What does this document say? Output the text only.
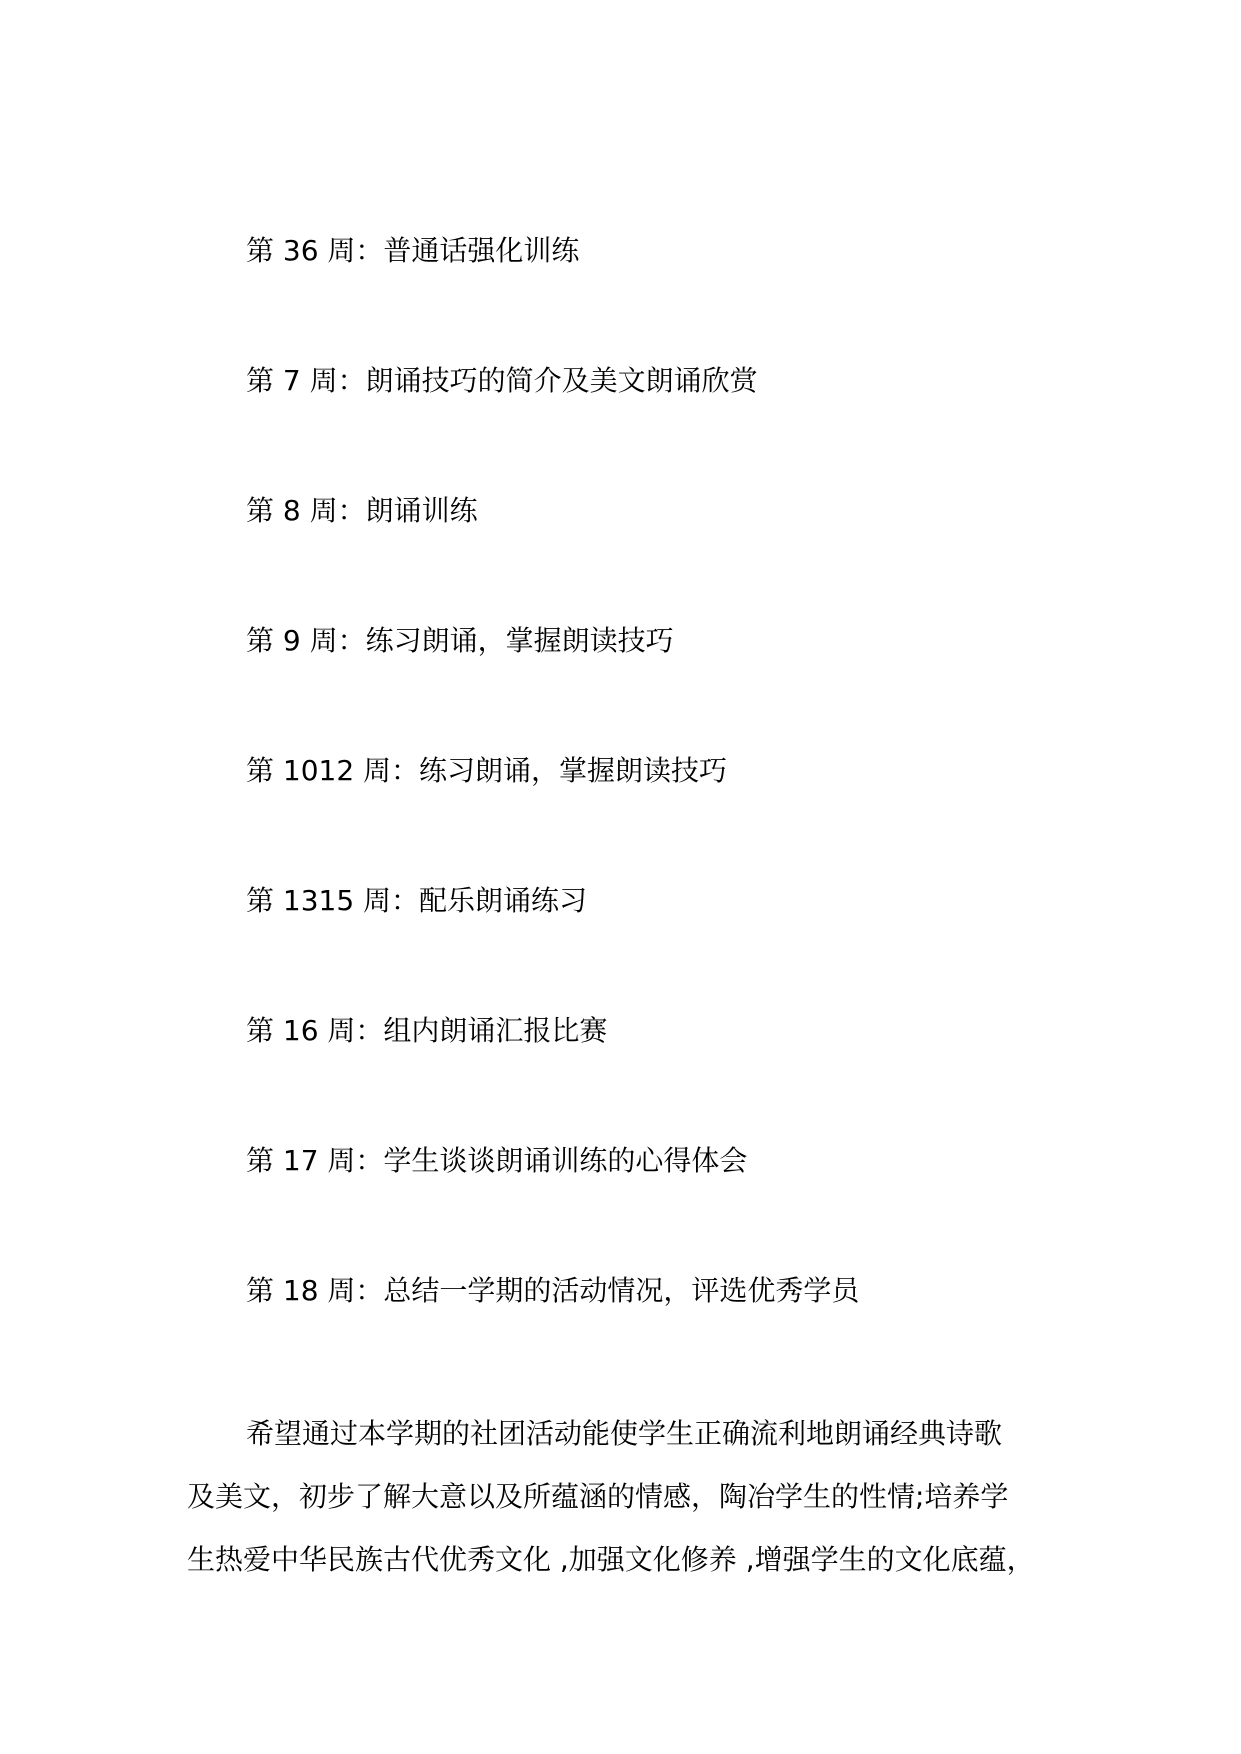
第 36 周：普通话强化训练
第 7 周：朗诵技巧的简介及美文朗诵欣赏
第 8 周：朗诵训练
第 9 周：练习朗诵，掌握朗读技巧
第 1012 周：练习朗诵，掌握朗读技巧
第 1315 周：配乐朗诵练习
第 16 周：组内朗诵汇报比赛
第 17 周：学生谈谈朗诵训练的心得体会
第 18 周：总结一学期的活动情况，评选优秀学员

希望通过本学期的社团活动能使学生正确流利地朗诵经典诗歌
及美文，初步了解大意以及所蕴涵的情感，陶冶学生的性情;培养学
生热爱中华民族古代优秀文化 ,加强文化修养 ,增强学生的文化底蕴，
